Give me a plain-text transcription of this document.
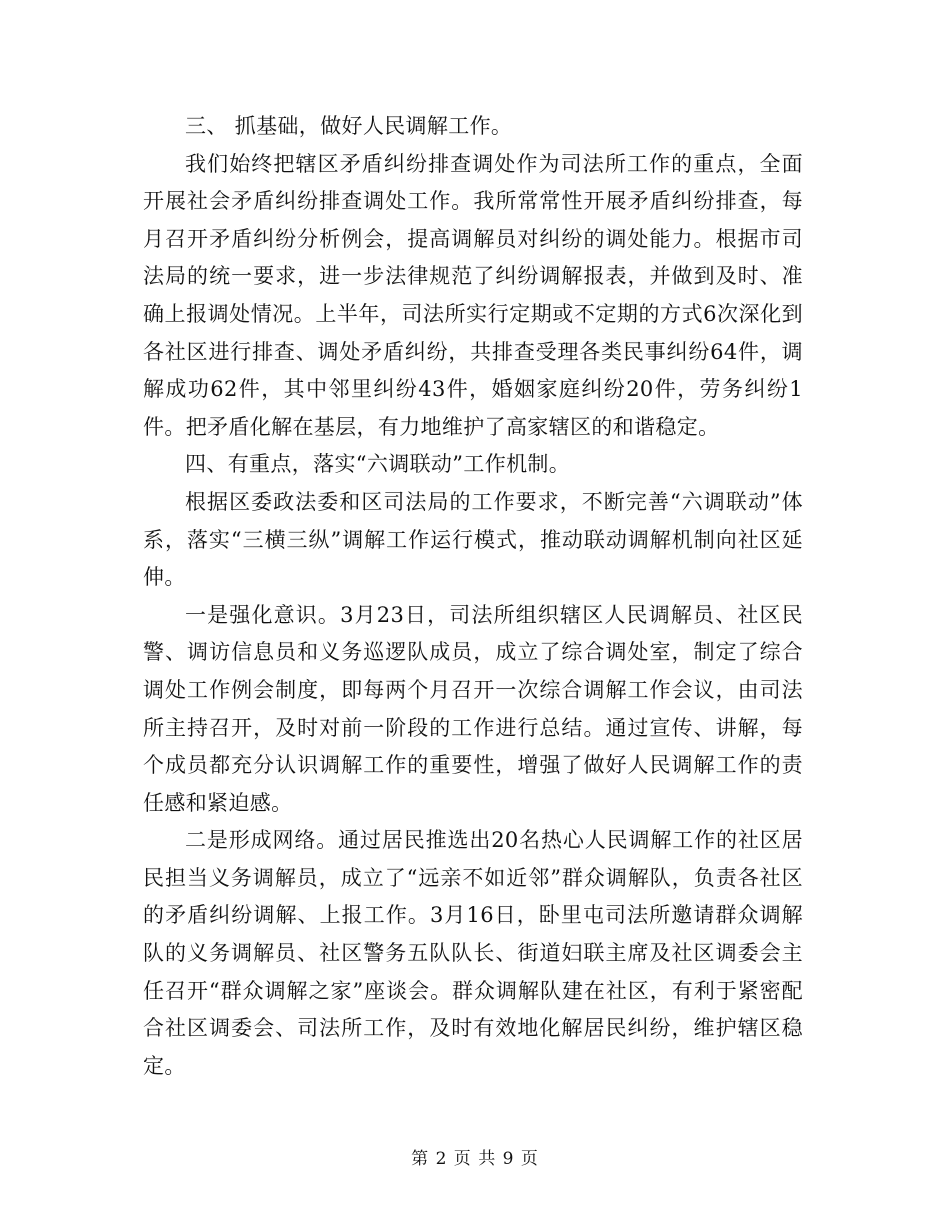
三、 抓基础，做好人民调解工作。

我们始终把辖区矛盾纠纷排查调处作为司法所工作的重点，全面开展社会矛盾纠纷排查调处工作。我所常常性开展矛盾纠纷排查，每月召开矛盾纠纷分析例会，提高调解员对纠纷的调处能力。根据市司法局的统一要求，进一步法律规范了纠纷调解报表，并做到及时、准确上报调处情况。上半年，司法所实行定期或不定期的方式6次深化到各社区进行排查、调处矛盾纠纷，共排查受理各类民事纠纷64件，调解成功62件，其中邻里纠纷43件，婚姻家庭纠纷20件，劳务纠纷1件。把矛盾化解在基层，有力地维护了高家辖区的和谐稳定。

四、有重点，落实“六调联动”工作机制。

根据区委政法委和区司法局的工作要求，不断完善“六调联动”体系，落实“三横三纵”调解工作运行模式，推动联动调解机制向社区延伸。

一是强化意识。3月23日，司法所组织辖区人民调解员、社区民警、调访信息员和义务巡逻队成员，成立了综合调处室，制定了综合调处工作例会制度，即每两个月召开一次综合调解工作会议，由司法所主持召开，及时对前一阶段的工作进行总结。通过宣传、讲解，每个成员都充分认识调解工作的重要性，增强了做好人民调解工作的责任感和紧迫感。

二是形成网络。通过居民推选出20名热心人民调解工作的社区居民担当义务调解员，成立了“远亲不如近邻”群众调解队，负责各社区的矛盾纠纷调解、上报工作。3月16日，卧里屯司法所邀请群众调解队的义务调解员、社区警务五队队长、街道妇联主席及社区调委会主任召开“群众调解之家”座谈会。群众调解队建在社区，有利于紧密配合社区调委会、司法所工作，及时有效地化解居民纠纷，维护辖区稳定。

第 2 页 共 9 页
